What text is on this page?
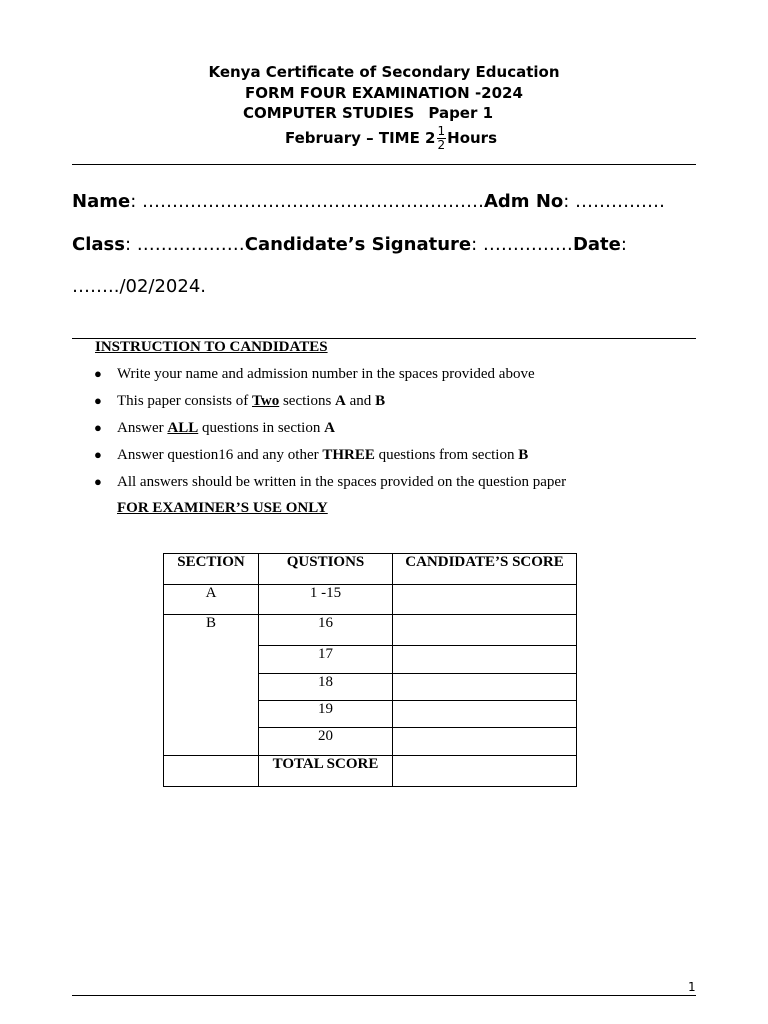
Kenya Certificate of Secondary Education
FORM FOUR EXAMINATION -2024
COMPUTER STUDIES Paper 1
February – TIME $2 \frac{1}{2}$ Hours
Name: …………………………………………………Adm No: ……………
Class: ………………Candidate’s Signature: ……………Date:
……../02/2024.
INSTRUCTION TO CANDIDATES
● Write your name and admission number in the spaces provided above
● This paper consists of Two sections A and B
● Answer ALL questions in section A
● Answer question16 and any other THREE questions from section B
● All answers should be written in the spaces provided on the question paper
FOR EXAMINER’S USE ONLY
SECTION	QUSTIONS	CANDIDATE’S SCORE
A	1 -15	
B	16	
	17	
	18	
	19	
	20	
	TOTAL SCORE	
1
